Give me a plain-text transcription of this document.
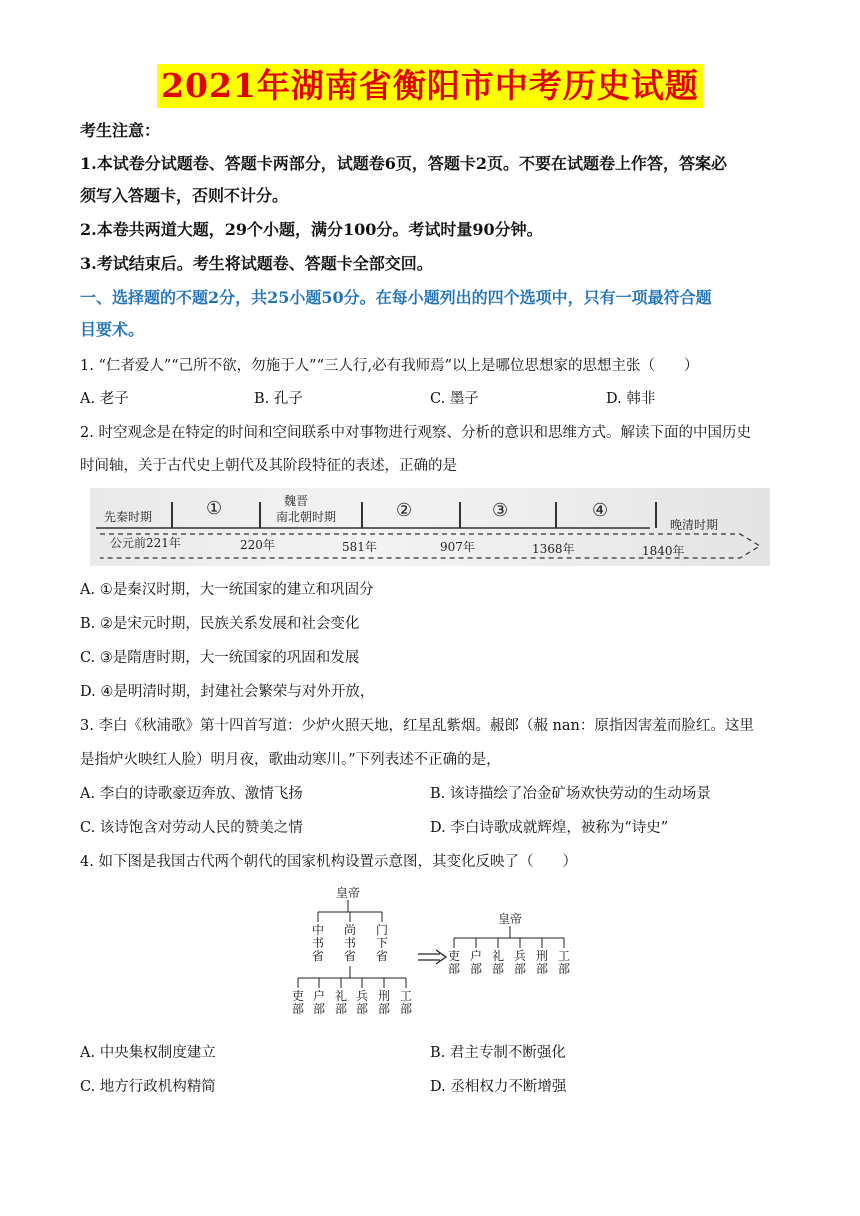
2021年湖南省衡阳市中考历史试题
考生注意：
1.本试卷分试题卷、答题卡两部分，试题卷6页，答题卡2页。不要在试题卷上作答，答案必
须写入答题卡，否则不计分。
2.本卷共两道大题，29个小题，满分100分。考试时量90分钟。
3.考试结束后。考生将试题卷、答题卡全部交回。
一、选择题的不题2分，共25小题50分。在每小题列出的四个选项中，只有一项最符合题
目要术。
1. “仁者爱人”“己所不欲，勿施于人”“三人行,必有我师焉”以上是哪位思想家的思想主张（　　）
A. 老子	B. 孔子	C. 墨子	D. 韩非
2. 时空观念是在特定的时间和空间联系中对事物进行观察、分析的意识和思维方式。解读下面的中国历史
时间轴，关于古代史上朝代及其阶段特征的表述，正确的是
先秦时期	①	魏晋
南北朝时期	②	③	④
晚清时期
公元前221年	220年	581年	907年	1368年	1840年
A. ①是秦汉时期，大一统国家的建立和巩固分
B. ②是宋元时期，民族关系发展和社会变化
C. ③是隋唐时期，大一统国家的巩固和发展
D. ④是明清时期，封建社会繁荣与对外开放，
3. 李白《秋浦歌》第十四首写道：少炉火照天地，红星乱紫烟。赧郎（赧 nan：原指因害羞而脸红。这里
是指炉火映红人脸）明月夜，歌曲动寒川。”下列表述不正确的是，
A. 李白的诗歌豪迈奔放、激情飞扬	B. 该诗描绘了冶金矿场欢快劳动的生动场景
C. 该诗饱含对劳动人民的赞美之情	D. 李白诗歌成就辉煌，被称为“诗史”
4. 如下图是我国古代两个朝代的国家机构设置示意图，其变化反映了（　　）
皇帝
中书省
尚书省
门下省
吏部
户部
礼部
兵部
刑部
工部
皇帝
吏部
户部
礼部
兵部
刑部
工部
A. 中央集权制度建立	B. 君主专制不断强化
C. 地方行政机构精简	D. 丞相权力不断增强
